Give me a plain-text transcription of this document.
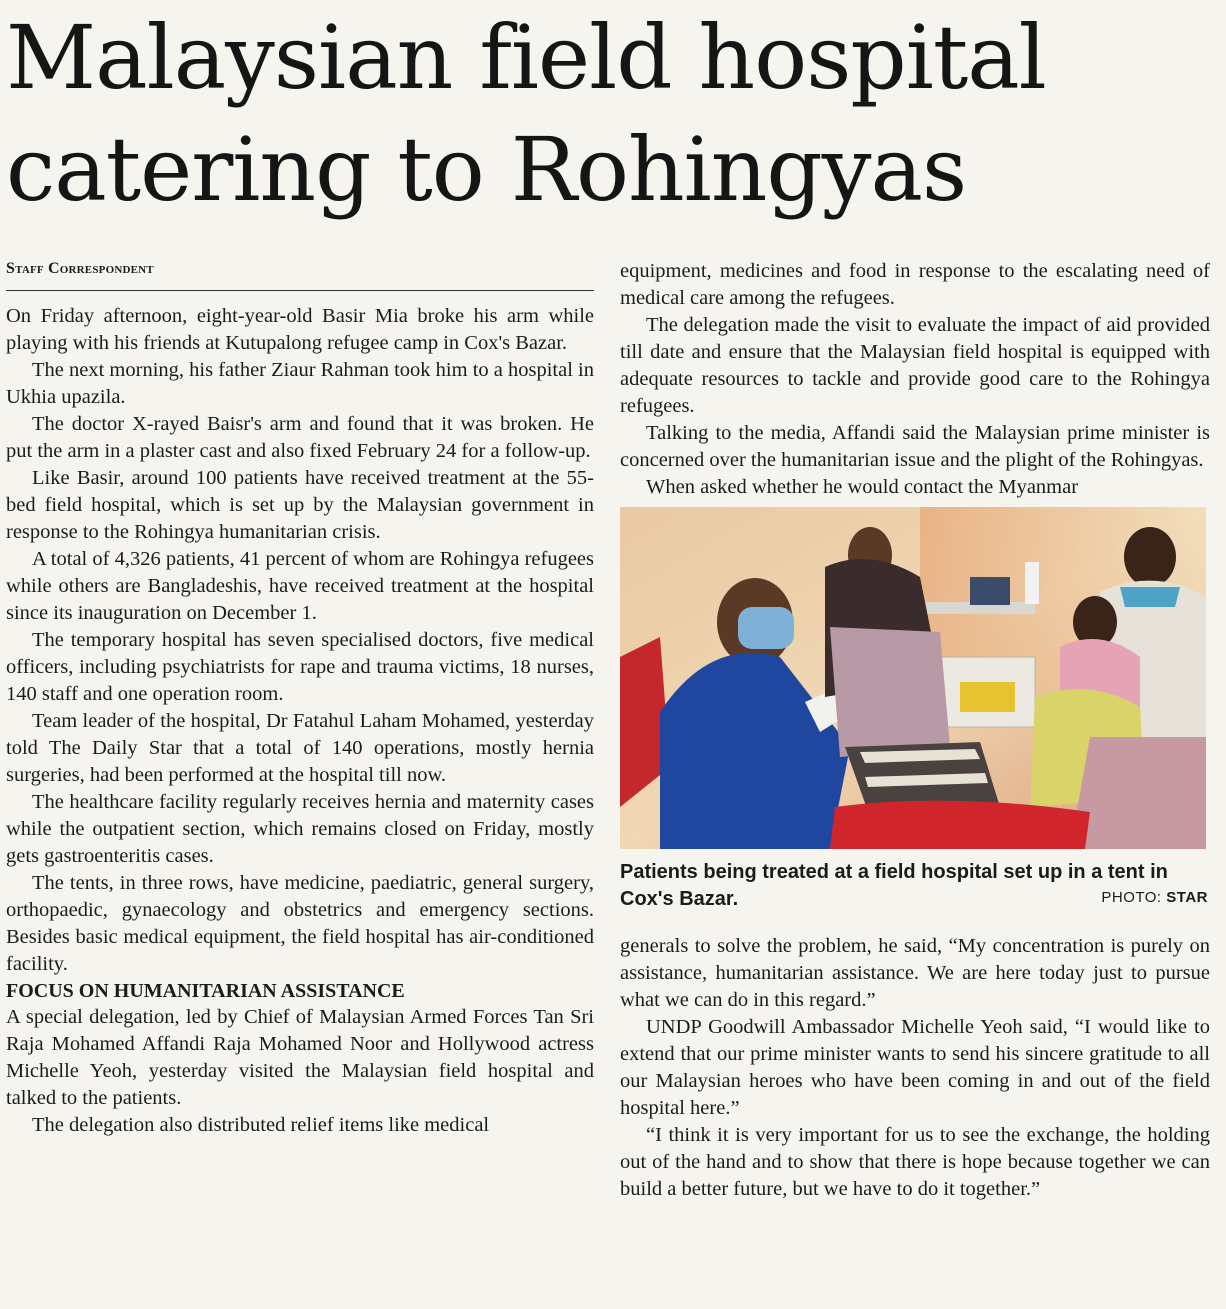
Malaysian field hospital catering to Rohingyas
Staff Correspondent

On Friday afternoon, eight-year-old Basir Mia broke his arm while playing with his friends at Kutupalong refugee camp in Cox's Bazar.

The next morning, his father Ziaur Rahman took him to a hospital in Ukhia upazila.

The doctor X-rayed Baisr's arm and found that it was broken. He put the arm in a plaster cast and also fixed February 24 for a follow-up.

Like Basir, around 100 patients have received treatment at the 55-bed field hospital, which is set up by the Malaysian government in response to the Rohingya humanitarian crisis.

A total of 4,326 patients, 41 percent of whom are Rohingya refugees while others are Bangladeshis, have received treatment at the hospital since its inauguration on December 1.

The temporary hospital has seven specialised doctors, five medical officers, including psychiatrists for rape and trauma victims, 18 nurses, 140 staff and one operation room.

Team leader of the hospital, Dr Fatahul Laham Mohamed, yesterday told The Daily Star that a total of 140 operations, mostly hernia surgeries, had been performed at the hospital till now.

The healthcare facility regularly receives hernia and maternity cases while the outpatient section, which remains closed on Friday, mostly gets gastroenteritis cases.

The tents, in three rows, have medicine, paediatric, general surgery, orthopaedic, gynaecology and obstetrics and emergency sections. Besides basic medical equipment, the field hospital has air-conditioned facility.

FOCUS ON HUMANITARIAN ASSISTANCE

A special delegation, led by Chief of Malaysian Armed Forces Tan Sri Raja Mohamed Affandi Raja Mohamed Noor and Hollywood actress Michelle Yeoh, yesterday visited the Malaysian field hospital and talked to the patients.

The delegation also distributed relief items like medical

equipment, medicines and food in response to the escalating need of medical care among the refugees.

The delegation made the visit to evaluate the impact of aid provided till date and ensure that the Malaysian field hospital is equipped with adequate resources to tackle and provide good care to the Rohingya refugees.

Talking to the media, Affandi said the Malaysian prime minister is concerned over the humanitarian issue and the plight of the Rohingyas.

When asked whether he would contact the Myanmar

Patients being treated at a field hospital set up in a tent in Cox's Bazar.	PHOTO: STAR

generals to solve the problem, he said, “My concentration is purely on assistance, humanitarian assistance. We are here today just to pursue what we can do in this regard.”

UNDP Goodwill Ambassador Michelle Yeoh said, “I would like to extend that our prime minister wants to send his sincere gratitude to all our Malaysian heroes who have been coming in and out of the field hospital here.”

“I think it is very important for us to see the exchange, the holding out of the hand and to show that there is hope because together we can build a better future, but we have to do it together.”
